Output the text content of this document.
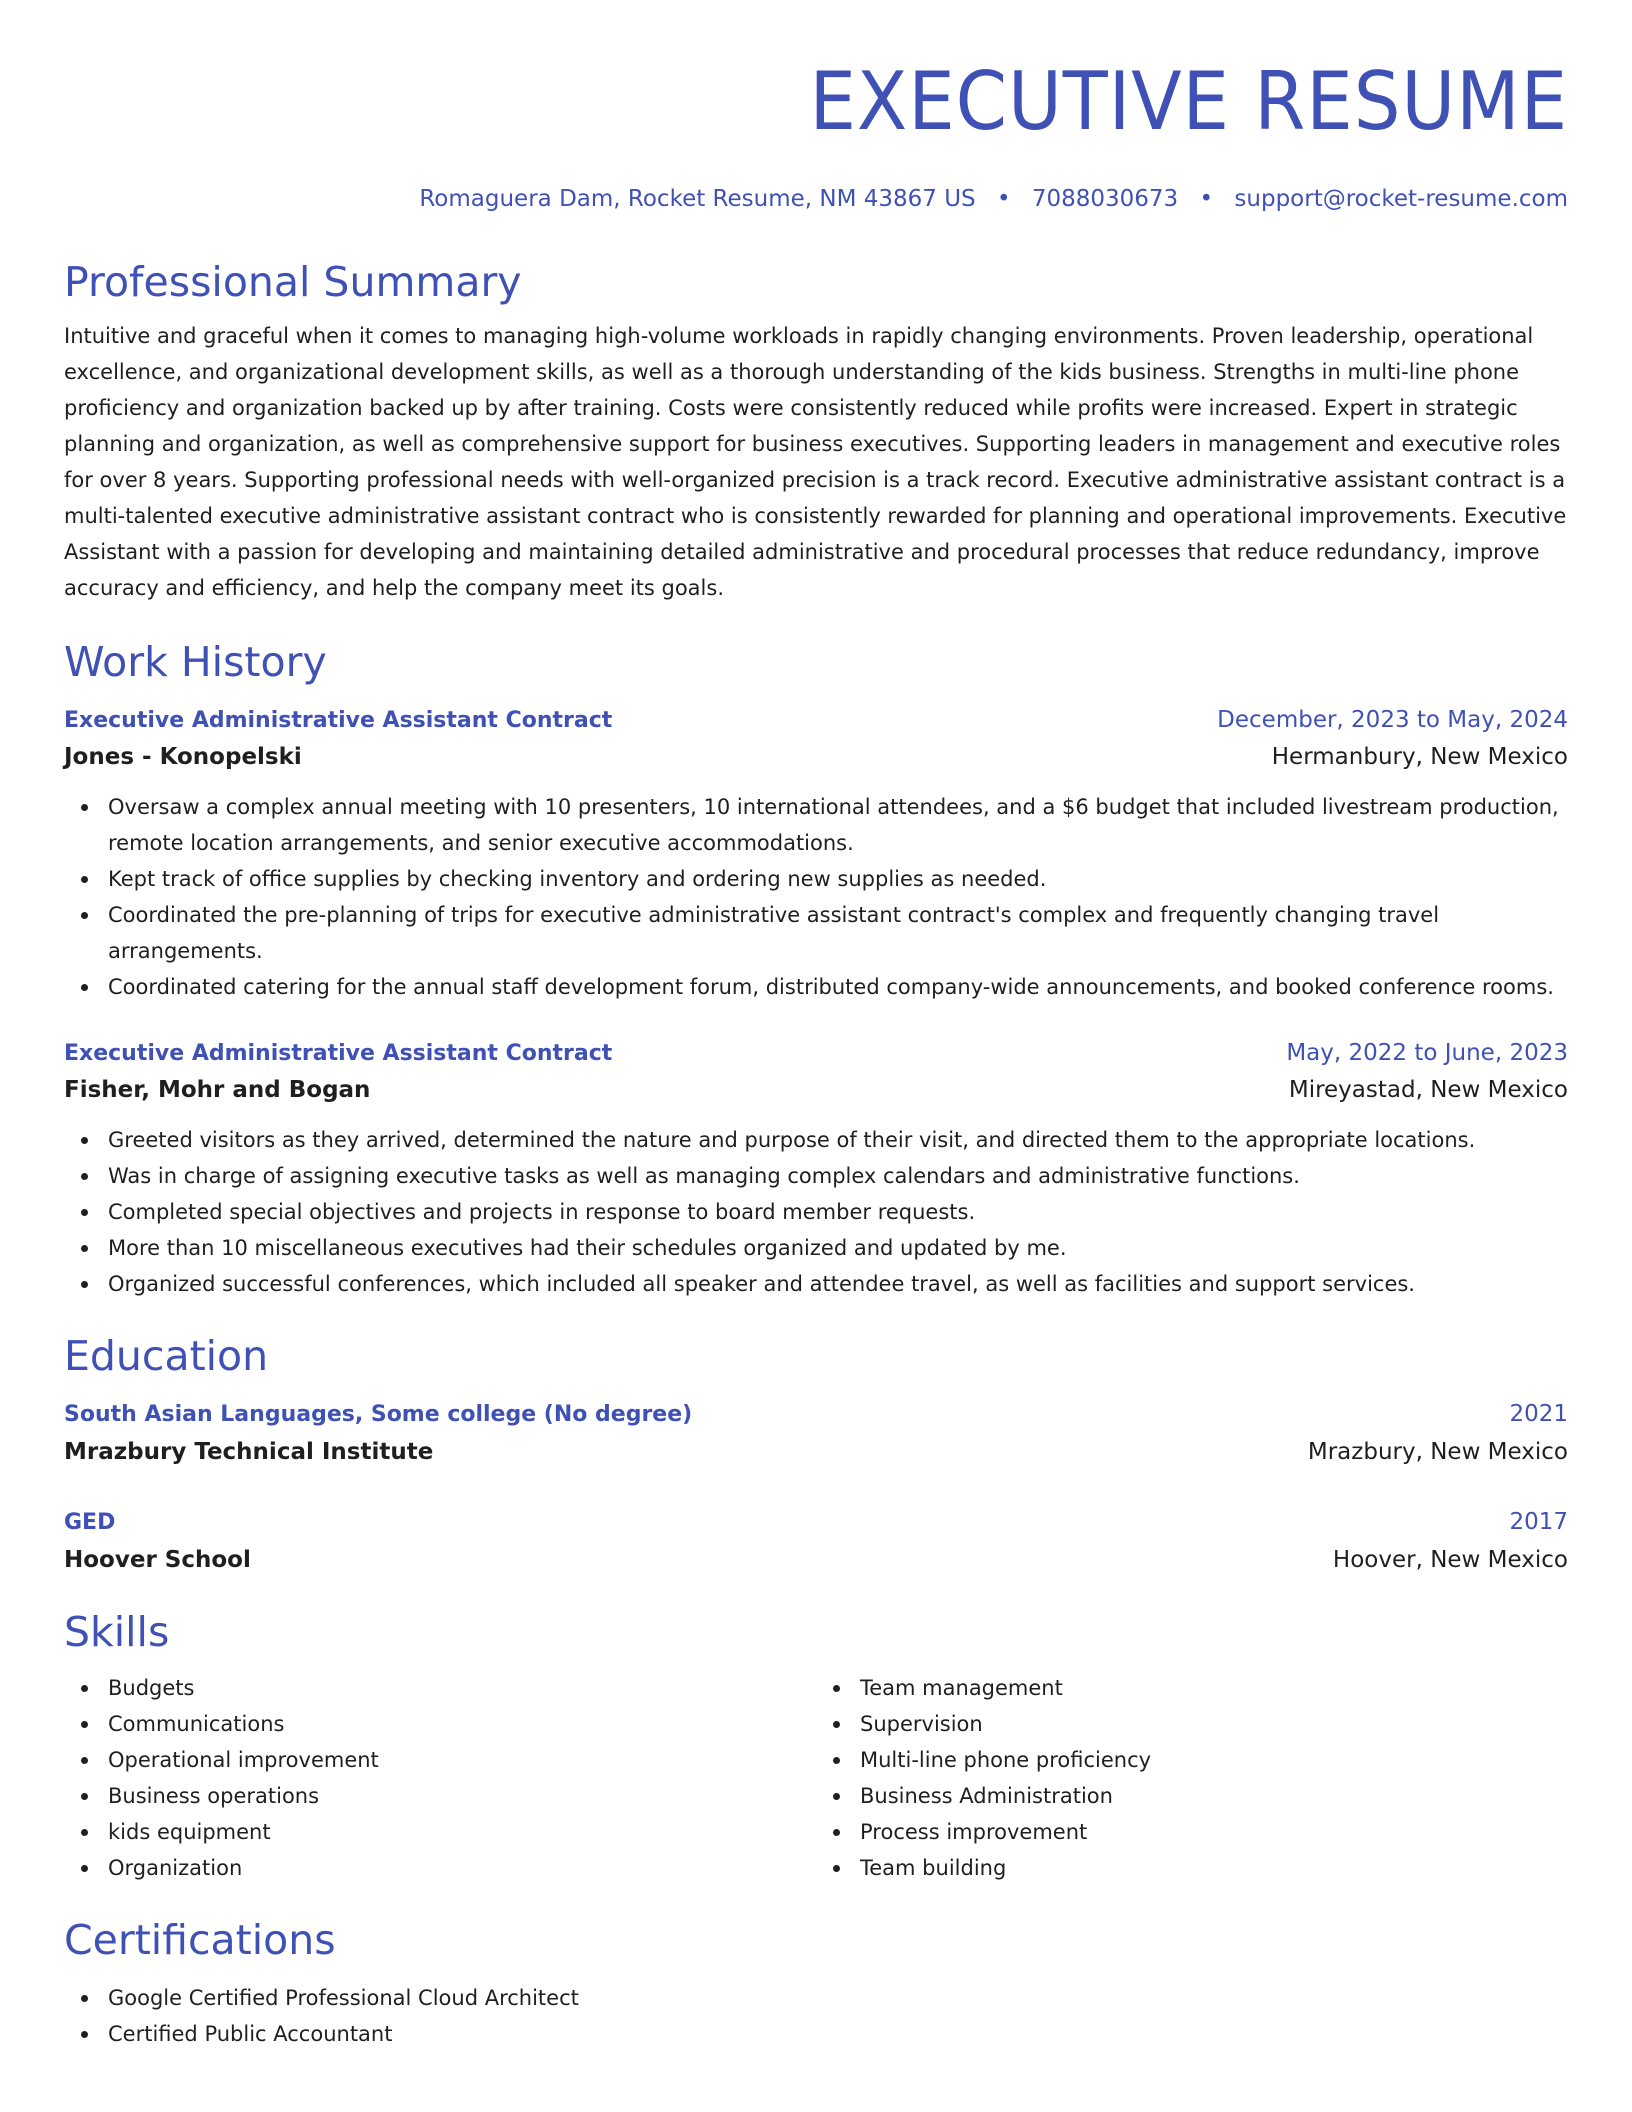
EXECUTIVE RESUME
Romaguera Dam, Rocket Resume, NM 43867 US • 7088030673 • support@rocket-resume.com
Professional Summary

Intuitive and graceful when it comes to managing high-volume workloads in rapidly changing environments. Proven leadership, operational excellence, and organizational development skills, as well as a thorough understanding of the kids business. Strengths in multi-line phone proficiency and organization backed up by after training. Costs were consistently reduced while profits were increased. Expert in strategic planning and organization, as well as comprehensive support for business executives. Supporting leaders in management and executive roles for over 8 years. Supporting professional needs with well-organized precision is a track record. Executive administrative assistant contract is a multi-talented executive administrative assistant contract who is consistently rewarded for planning and operational improvements. Executive Assistant with a passion for developing and maintaining detailed administrative and procedural processes that reduce redundancy, improve accuracy and efficiency, and help the company meet its goals.

Work History
Executive Administrative Assistant Contract	December, 2023 to May, 2024
Jones - Konopelski	Hermanbury, New Mexico
Oversaw a complex annual meeting with 10 presenters, 10 international attendees, and a $6 budget that included livestream production, remote location arrangements, and senior executive accommodations.
Kept track of office supplies by checking inventory and ordering new supplies as needed.
Coordinated the pre-planning of trips for executive administrative assistant contract's complex and frequently changing travel arrangements.
Coordinated catering for the annual staff development forum, distributed company-wide announcements, and booked conference rooms.
Executive Administrative Assistant Contract	May, 2022 to June, 2023
Fisher, Mohr and Bogan	Mireyastad, New Mexico
Greeted visitors as they arrived, determined the nature and purpose of their visit, and directed them to the appropriate locations.
Was in charge of assigning executive tasks as well as managing complex calendars and administrative functions.
Completed special objectives and projects in response to board member requests.
More than 10 miscellaneous executives had their schedules organized and updated by me.
Organized successful conferences, which included all speaker and attendee travel, as well as facilities and support services.
Education
South Asian Languages, Some college (No degree)	2021
Mrazbury Technical Institute	Mrazbury, New Mexico
GED	2017
Hoover School	Hoover, New Mexico
Skills
Budgets
Communications
Operational improvement
Business operations
kids equipment
Organization
Team management
Supervision
Multi-line phone proficiency
Business Administration
Process improvement
Team building
Certifications
Google Certified Professional Cloud Architect
Certified Public Accountant
